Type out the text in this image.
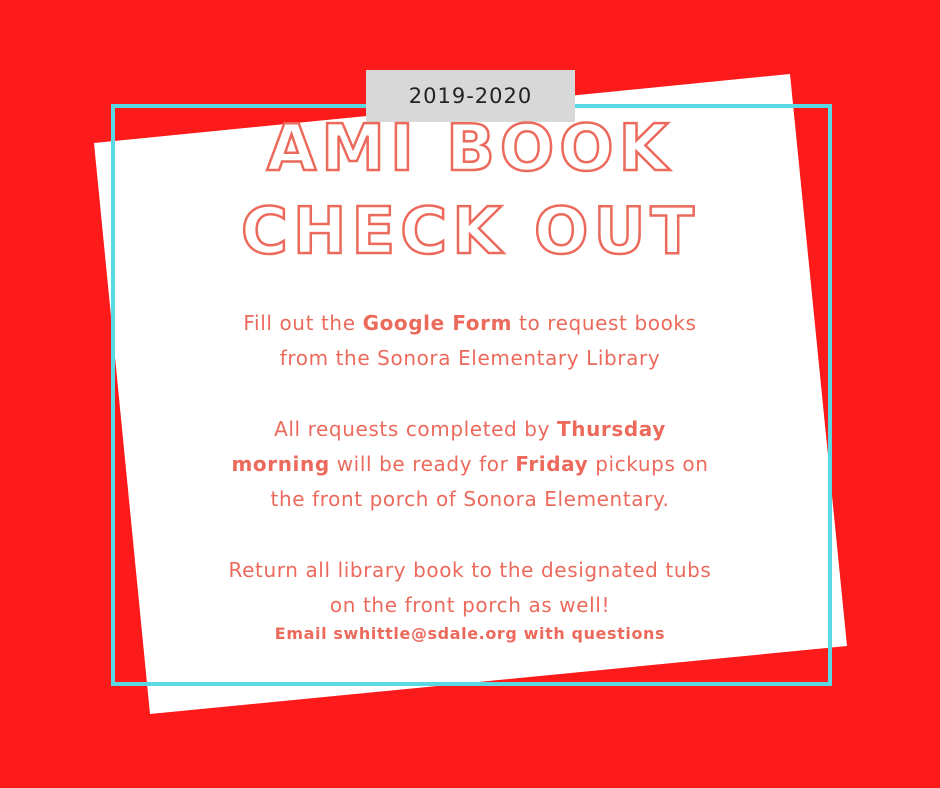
2019-2020
AMI BOOK
CHECK OUT
Fill out the Google Form to request books
from the Sonora Elementary Library
All requests completed by Thursday
morning will be ready for Friday pickups on
the front porch of Sonora Elementary.
Return all library book to the designated tubs
on the front porch as well!
Email swhittle@sdale.org with questions
